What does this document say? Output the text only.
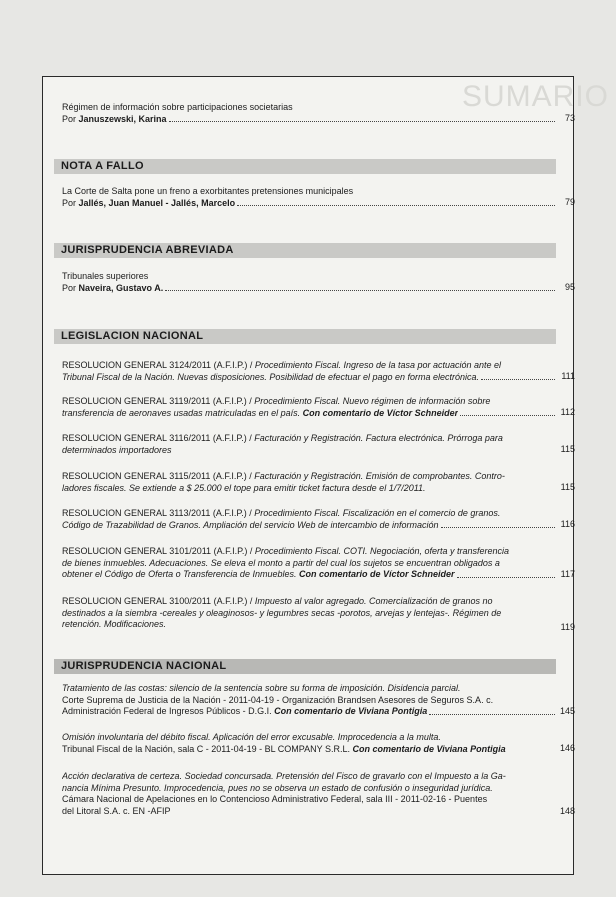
SUMARIO
Régimen de información sobre participaciones societarias
Por Januszewski, Karina	73
NOTA A FALLO
La Corte de Salta pone un freno a exorbitantes pretensiones municipales
Por Jallés, Juan Manuel - Jallés, Marcelo	79
JURISPRUDENCIA ABREVIADA
Tribunales superiores
Por Naveira, Gustavo A.	95
LEGISLACION NACIONAL
RESOLUCION GENERAL 3124/2011 (A.F.I.P.) / Procedimiento Fiscal. Ingreso de la tasa por actuación ante el
Tribunal Fiscal de la Nación. Nuevas disposiciones. Posibilidad de efectuar el pago en forma electrónica.	111
RESOLUCION GENERAL 3119/2011 (A.F.I.P.) / Procedimiento Fiscal. Nuevo régimen de información sobre
transferencia de aeronaves usadas matriculadas en el país. Con comentario de Víctor Schneider	112
RESOLUCION GENERAL 3116/2011 (A.F.I.P.) / Facturación y Registración. Factura electrónica. Prórroga para
determinados importadores	115
RESOLUCION GENERAL 3115/2011 (A.F.I.P.) / Facturación y Registración. Emisión de comprobantes. Contro-
ladores fiscales. Se extiende a $ 25.000 el tope para emitir ticket factura desde el 1/7/2011.	115
RESOLUCION GENERAL 3113/2011 (A.F.I.P.) / Procedimiento Fiscal. Fiscalización en el comercio de granos.
Código de Trazabilidad de Granos. Ampliación del servicio Web de intercambio de información	116
RESOLUCION GENERAL 3101/2011 (A.F.I.P.) / Procedimiento Fiscal. COTI. Negociación, oferta y transferencia
de bienes inmuebles. Adecuaciones. Se eleva el monto a partir del cual los sujetos se encuentran obligados a
obtener el Código de Oferta o Transferencia de Inmuebles. Con comentario de Víctor Schneider	117
RESOLUCION GENERAL 3100/2011 (A.F.I.P.) / Impuesto al valor agregado. Comercialización de granos no
destinados a la siembra -cereales y oleaginosos- y legumbres secas -porotos, arvejas y lentejas-. Régimen de
retención. Modificaciones.	119
JURISPRUDENCIA NACIONAL
Tratamiento de las costas: silencio de la sentencia sobre su forma de imposición. Disidencia parcial.
Corte Suprema de Justicia de la Nación - 2011-04-19 - Organización Brandsen Asesores de Seguros S.A. c.
Administración Federal de Ingresos Públicos - D.G.I. Con comentario de Viviana Pontigia	145
Omisión involuntaria del débito fiscal. Aplicación del error excusable. Improcedencia a la multa.
Tribunal Fiscal de la Nación, sala C - 2011-04-19 - BL COMPANY S.R.L. Con comentario de Viviana Pontigia	146
Acción declarativa de certeza. Sociedad concursada. Pretensión del Fisco de gravarlo con el Impuesto a la Ga-
nancia Mínima Presunto. Improcedencia, pues no se observa un estado de confusión o inseguridad jurídica.
Cámara Nacional de Apelaciones en lo Contencioso Administrativo Federal, sala III - 2011-02-16 - Puentes
del Litoral S.A. c. EN -AFIP	148
